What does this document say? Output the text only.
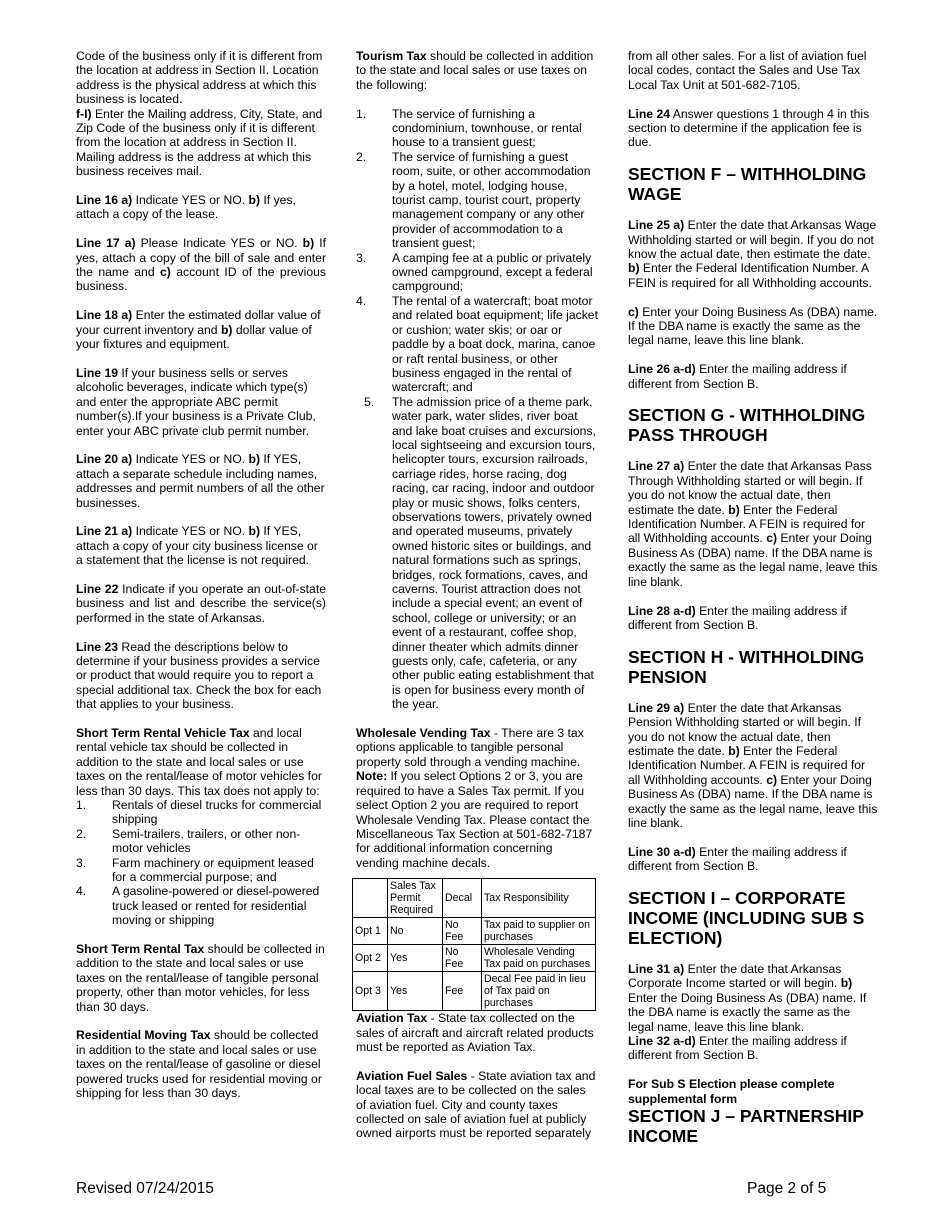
Code of the business only if it is different from the location at address in Section II. Location address is the physical address at which this business is located.

f-I) Enter the Mailing address, City, State, and Zip Code of the business only if it is different from the location at address in Section II. Mailing address is the address at which this business receives mail.

Line 16 a) Indicate YES or NO. b) If yes, attach a copy of the lease.

Line 17 a) Please Indicate YES or NO. b) If yes, attach a copy of the bill of sale and enter the name and c) account ID of the previous business.

Line 18 a) Enter the estimated dollar value of your current inventory and b) dollar value of your fixtures and equipment.

Line 19 If your business sells or serves alcoholic beverages, indicate which type(s) and enter the appropriate ABC permit number(s).If your business is a Private Club, enter your ABC private club permit number.

Line 20 a) Indicate YES or NO. b) If YES, attach a separate schedule including names, addresses and permit numbers of all the other businesses.

Line 21 a) Indicate YES or NO. b) If YES, attach a copy of your city business license or a statement that the license is not required.

Line 22 Indicate if you operate an out-of-state business and list and describe the service(s) performed in the state of Arkansas.

Line 23 Read the descriptions below to determine if your business provides a service or product that would require you to report a special additional tax. Check the box for each that applies to your business.

Short Term Rental Vehicle Tax and local rental vehicle tax should be collected in addition to the state and local sales or use taxes on the rental/lease of motor vehicles for less than 30 days. This tax does not apply to:

1. Rentals of diesel trucks for commercial shipping
2. Semi-trailers, trailers, or other non-motor vehicles
3. Farm machinery or equipment leased for a commercial purpose; and
4. A gasoline-powered or diesel-powered truck leased or rented for residential moving or shipping

Short Term Rental Tax should be collected in addition to the state and local sales or use taxes on the rental/lease of tangible personal property, other than motor vehicles, for less than 30 days.

Residential Moving Tax should be collected in addition to the state and local sales or use taxes on the rental/lease of gasoline or diesel powered trucks used for residential moving or shipping for less than 30 days.

Tourism Tax should be collected in addition to the state and local sales or use taxes on the following:

1. The service of furnishing a condominium, townhouse, or rental house to a transient guest;
2. The service of furnishing a guest room, suite, or other accommodation by a hotel, motel, lodging house, tourist camp, tourist court, property management company or any other provider of accommodation to a transient guest;
3. A camping fee at a public or privately owned campground, except a federal campground;
4. The rental of a watercraft; boat motor and related boat equipment; life jacket or cushion; water skis; or oar or paddle by a boat dock, marina, canoe or raft rental business, or other business engaged in the rental of watercraft; and
5. The admission price of a theme park, water park, water slides, river boat and lake boat cruises and excursions, local sightseeing and excursion tours, helicopter tours, excursion railroads, carriage rides, horse racing, dog racing, car racing, indoor and outdoor play or music shows, folks centers, observations towers, privately owned and operated museums, privately owned historic sites or buildings, and natural formations such as springs, bridges, rock formations, caves, and caverns. Tourist attraction does not include a special event; an event of school, college or university; or an event of a restaurant, coffee shop, dinner theater which admits dinner guests only, cafe, cafeteria, or any other public eating establishment that is open for business every month of the year.

Wholesale Vending Tax - There are 3 tax options applicable to tangible personal property sold through a vending machine. Note: If you select Options 2 or 3, you are required to have a Sales Tax permit. If you select Option 2 you are required to report Wholesale Vending Tax. Please contact the Miscellaneous Tax Section at 501-682-7187 for additional information concerning vending machine decals.

	Sales Tax Permit Required	Decal	Tax Responsibility
Opt 1	No	No Fee	Tax paid to supplier on purchases
Opt 2	Yes	No Fee	Wholesale Vending Tax paid on purchases
Opt 3	Yes	Fee	Decal Fee paid in lieu of Tax paid on purchases

Aviation Tax - State tax collected on the sales of aircraft and aircraft related products must be reported as Aviation Tax.

Aviation Fuel Sales - State aviation tax and local taxes are to be collected on the sales of aviation fuel. City and county taxes collected on sale of aviation fuel at publicly owned airports must be reported separately

from all other sales. For a list of aviation fuel local codes, contact the Sales and Use Tax Local Tax Unit at 501-682-7105.

Line 24 Answer questions 1 through 4 in this section to determine if the application fee is due.

SECTION F – WITHHOLDING WAGE

Line 25 a) Enter the date that Arkansas Wage Withholding started or will begin. If you do not know the actual date, then estimate the date. b) Enter the Federal Identification Number. A FEIN is required for all Withholding accounts.

c) Enter your Doing Business As (DBA) name. If the DBA name is exactly the same as the legal name, leave this line blank.

Line 26 a-d) Enter the mailing address if different from Section B.

SECTION G - WITHHOLDING PASS THROUGH

Line 27 a) Enter the date that Arkansas Pass Through Withholding started or will begin. If you do not know the actual date, then estimate the date. b) Enter the Federal Identification Number. A FEIN is required for all Withholding accounts. c) Enter your Doing Business As (DBA) name. If the DBA name is exactly the same as the legal name, leave this line blank.

Line 28 a-d) Enter the mailing address if different from Section B.

SECTION H - WITHHOLDING PENSION

Line 29 a) Enter the date that Arkansas Pension Withholding started or will begin. If you do not know the actual date, then estimate the date. b) Enter the Federal Identification Number. A FEIN is required for all Withholding accounts. c) Enter your Doing Business As (DBA) name. If the DBA name is exactly the same as the legal name, leave this line blank.

Line 30 a-d) Enter the mailing address if different from Section B.

SECTION I – CORPORATE INCOME (INCLUDING SUB S ELECTION)

Line 31 a) Enter the date that Arkansas Corporate Income started or will begin. b) Enter the Doing Business As (DBA) name. If the DBA name is exactly the same as the legal name, leave this line blank.

Line 32 a-d) Enter the mailing address if different from Section B.

For Sub S Election please complete supplemental form

SECTION J – PARTNERSHIP INCOME
Revised 07/24/2015	Page 2 of 5
